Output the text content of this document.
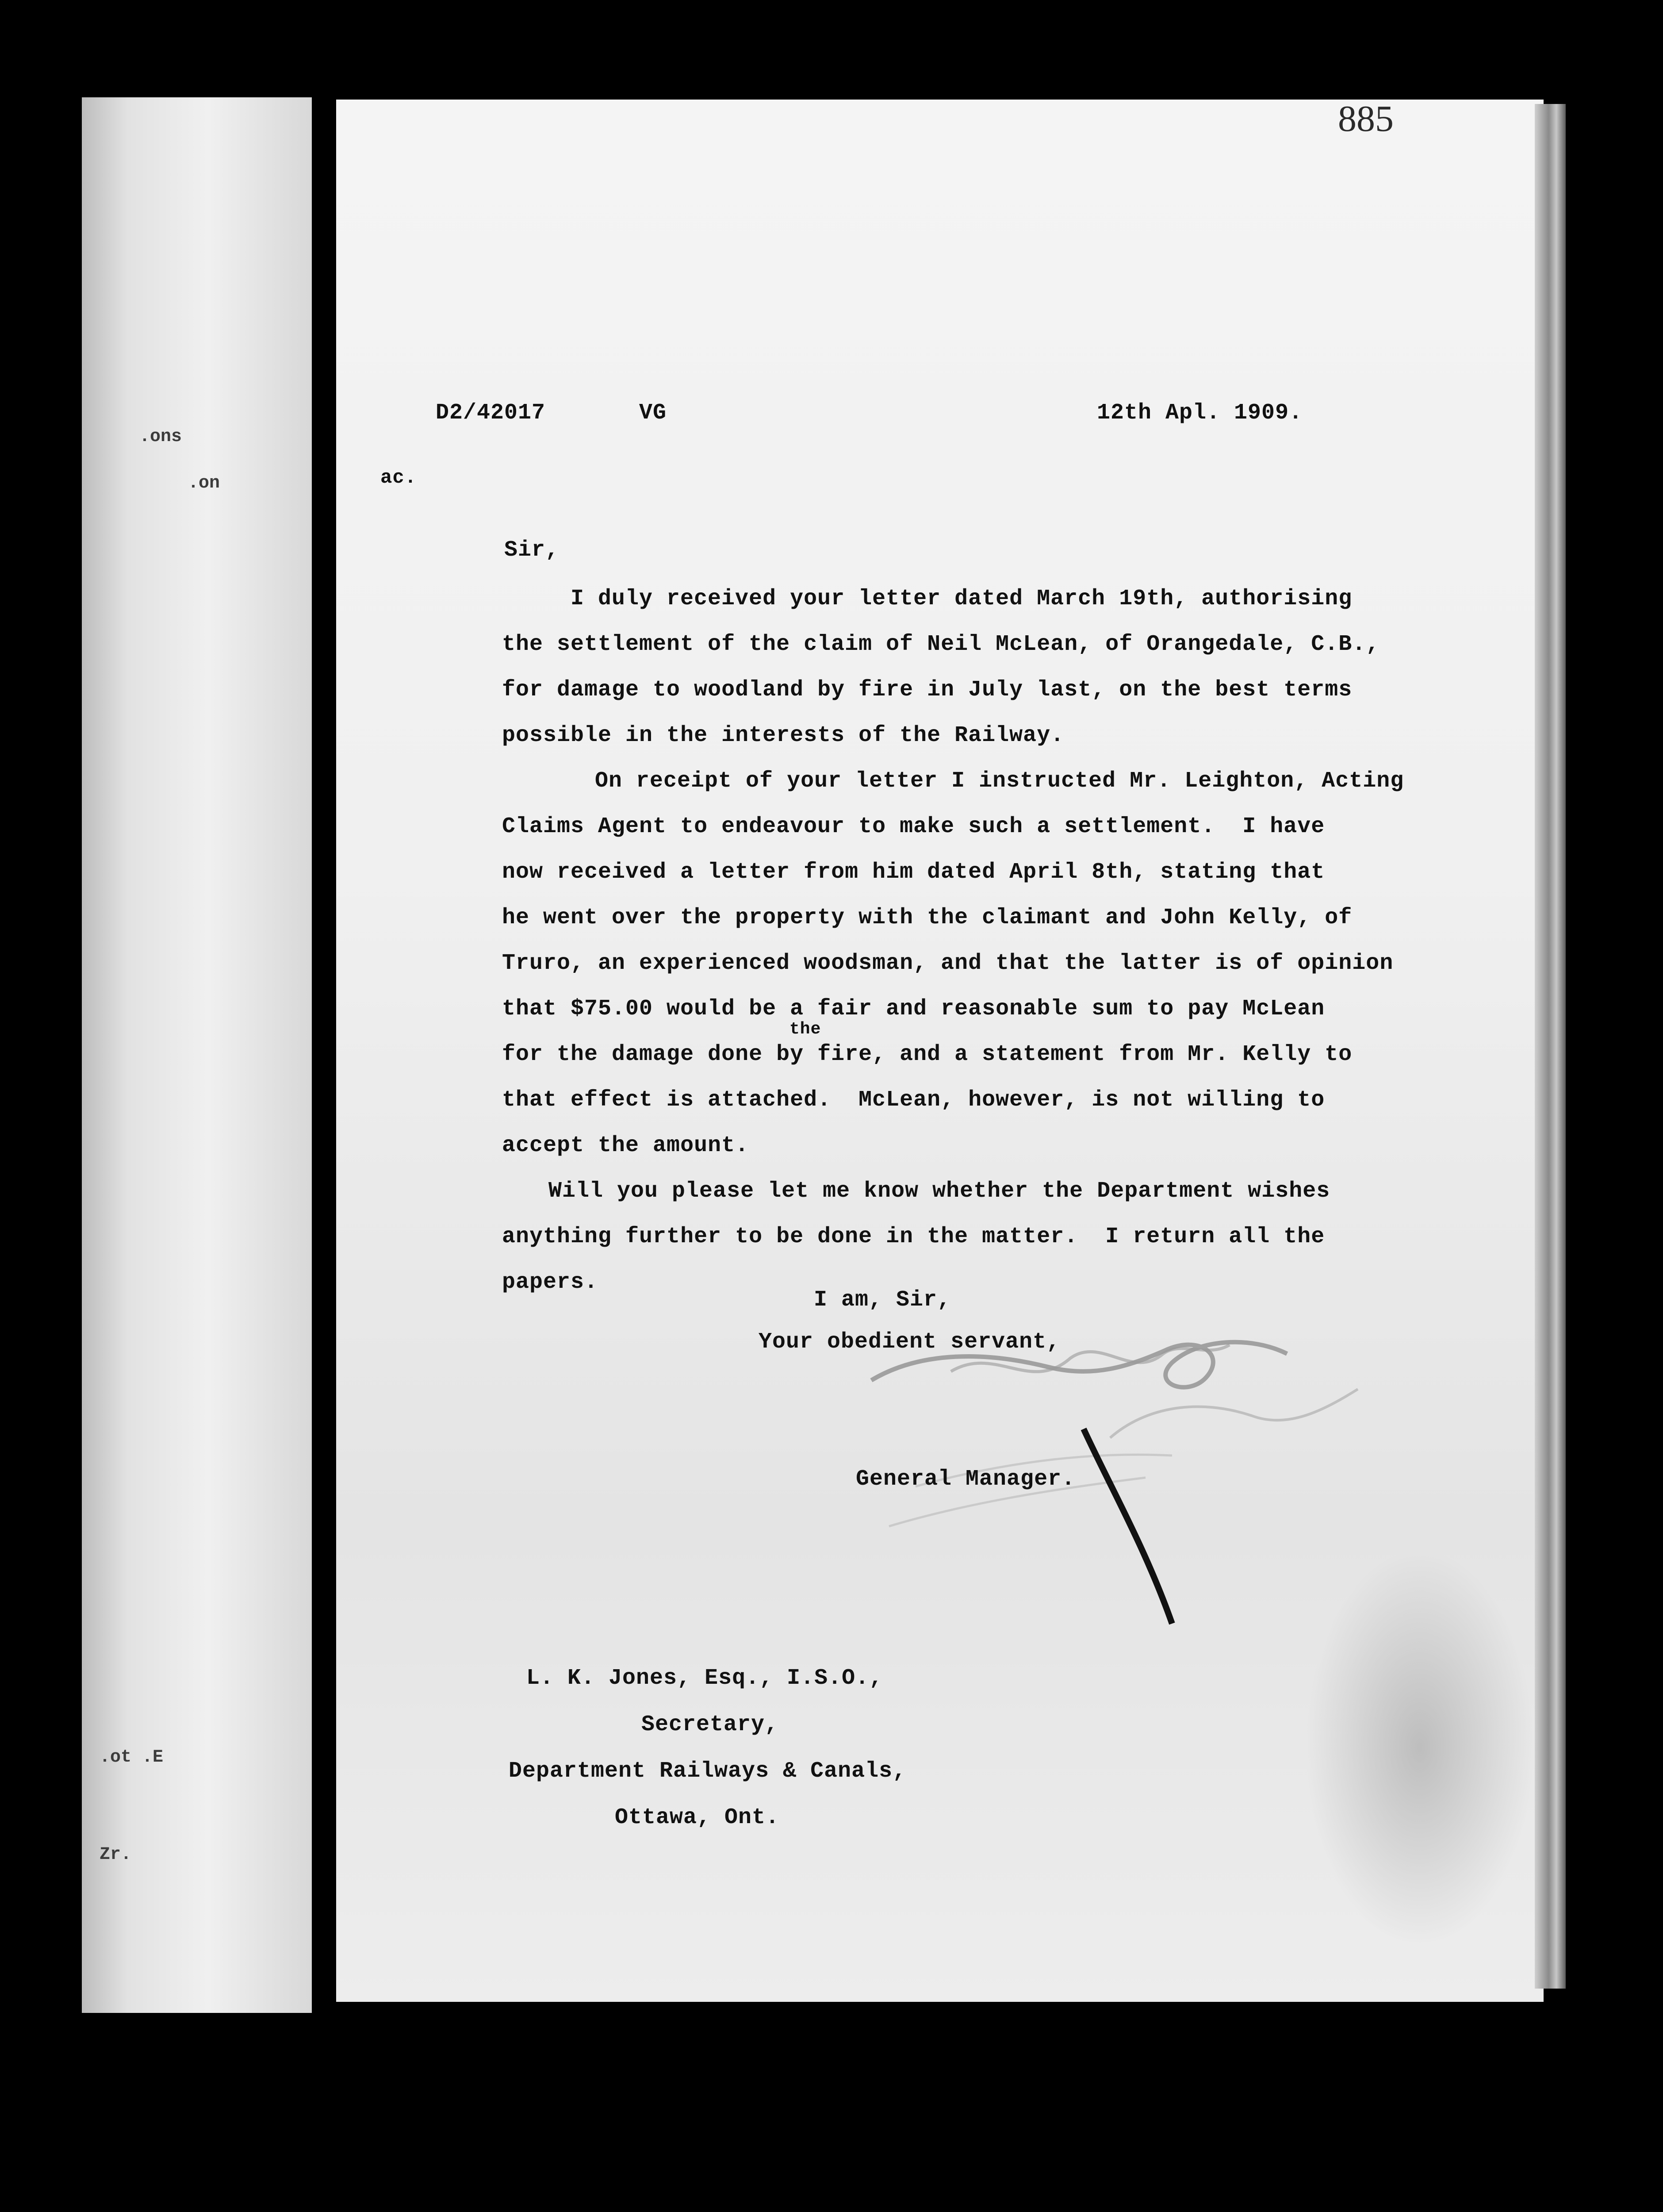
.ons
.on
.ot .E
Zr.
885
D2/42017	VG	12th Apl. 1909.
ac.
Sir,
I duly received your letter dated March 19th, authorising
the settlement of the claim of Neil McLean, of Orangedale, C.B.,
for damage to woodland by fire in July last, on the best terms
possible in the interests of the Railway.
On receipt of your letter I instructed Mr. Leighton, Acting
Claims Agent to endeavour to make such a settlement.  I have
now received a letter from him dated April 8th, stating that
he went over the property with the claimant and John Kelly, of
Truro, an experienced woodsman, and that the latter is of opinion
that $75.00 would be a fair and reasonable sum to pay McLean
the
for the damage done by fire, and a statement from Mr. Kelly to
that effect is attached.  McLean, however, is not willing to
accept the amount.
Will you please let me know whether the Department wishes
anything further to be done in the matter.  I return all the
papers.
I am, Sir,
Your obedient servant,
General Manager.
L. K. Jones, Esq., I.S.O.,
Secretary,
Department Railways & Canals,
Ottawa, Ont.
